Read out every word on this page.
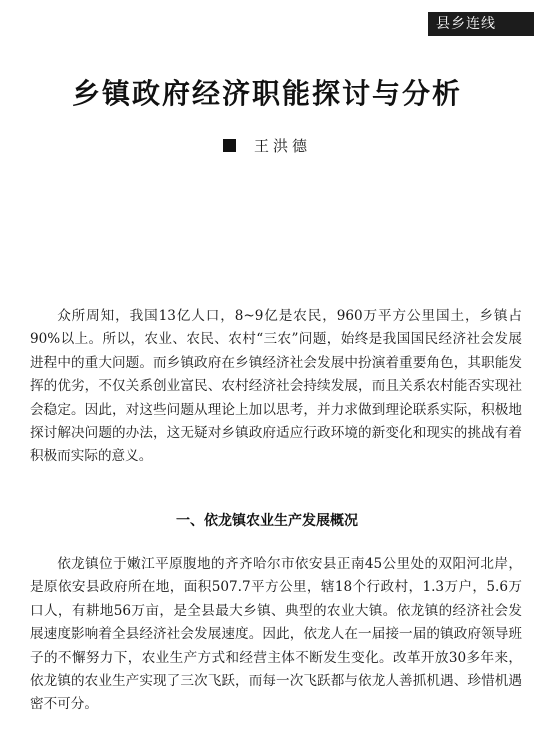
县乡连线
乡镇政府经济职能探讨与分析
王洪德

众所周知，我国13亿人口，8~9亿是农民，960万平方公里国土，乡镇占90%以上。所以，农业、农民、农村“三农”问题，始终是我国国民经济社会发展进程中的重大问题。而乡镇政府在乡镇经济社会发展中扮演着重要角色，其职能发挥的优劣，不仅关系创业富民、农村经济社会持续发展，而且关系农村能否实现社会稳定。因此，对这些问题从理论上加以思考，并力求做到理论联系实际，积极地探讨解决问题的办法，这无疑对乡镇政府适应行政环境的新变化和现实的挑战有着积极而实际的意义。

一、依龙镇农业生产发展概况

依龙镇位于嫩江平原腹地的齐齐哈尔市依安县正南45公里处的双阳河北岸，是原依安县政府所在地，面积507.7平方公里，辖18个行政村，1.3万户，5.6万口人，有耕地56万亩，是全县最大乡镇、典型的农业大镇。依龙镇的经济社会发展速度影响着全县经济社会发展速度。因此，依龙人在一届接一届的镇政府领导班子的不懈努力下，农业生产方式和经营主体不断发生变化。改革开放30多年来，依龙镇的农业生产实现了三次飞跃，而每一次飞跃都与依龙人善抓机遇、珍惜机遇密不可分。
